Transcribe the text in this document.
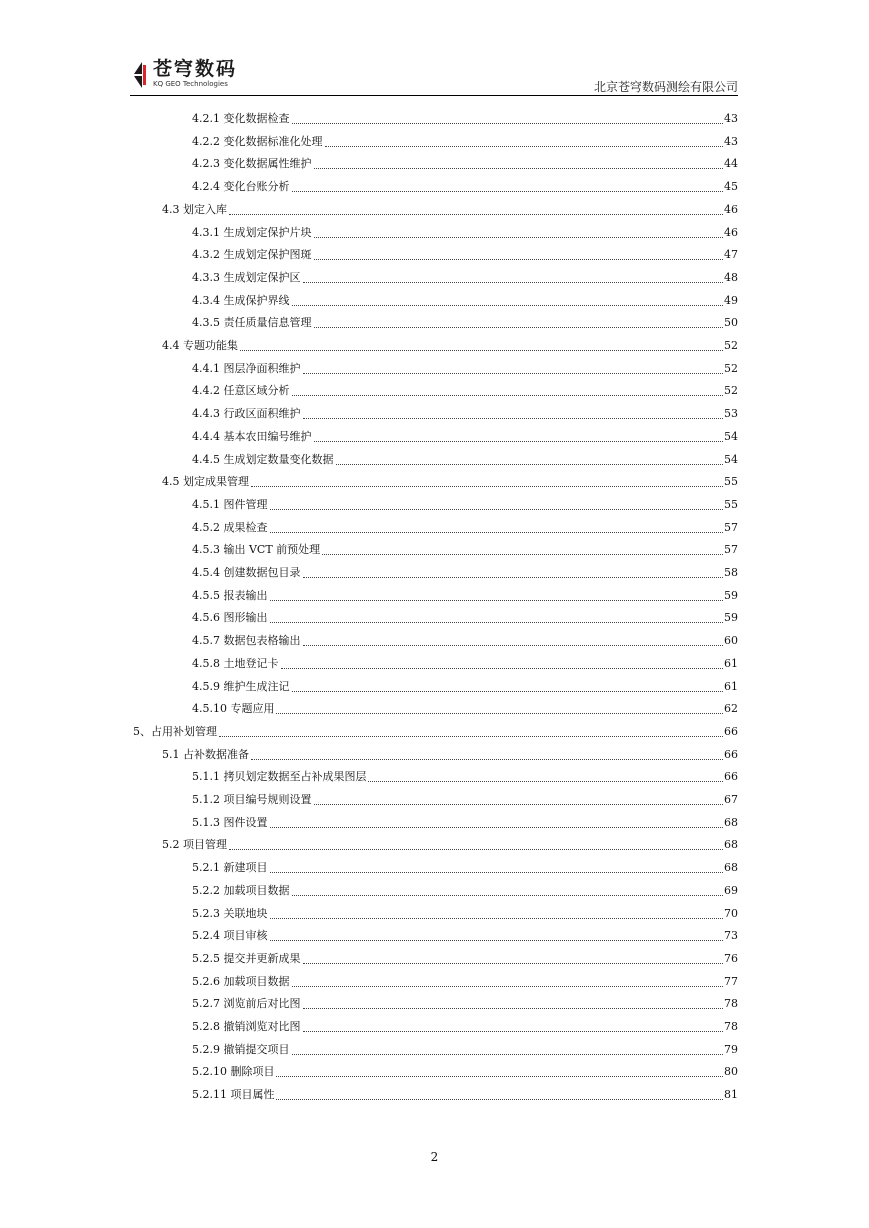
苍穹数码
KQ GEO Technologies	北京苍穹数码测绘有限公司
4.2.1 变化数据检查	43
4.2.2 变化数据标准化处理	43
4.2.3 变化数据属性维护	44
4.2.4 变化台账分析	45
4.3 划定入库	46
4.3.1 生成划定保护片块	46
4.3.2 生成划定保护图斑	47
4.3.3 生成划定保护区	48
4.3.4 生成保护界线	49
4.3.5 责任质量信息管理	50
4.4 专题功能集	52
4.4.1 图层净面积维护	52
4.4.2 任意区域分析	52
4.4.3 行政区面积维护	53
4.4.4 基本农田编号维护	54
4.4.5 生成划定数量变化数据	54
4.5 划定成果管理	55
4.5.1 图件管理	55
4.5.2 成果检查	57
4.5.3 输出 VCT 前预处理	57
4.5.4 创建数据包目录	58
4.5.5 报表输出	59
4.5.6 图形输出	59
4.5.7 数据包表格输出	60
4.5.8 土地登记卡	61
4.5.9 维护生成注记	61
4.5.10 专题应用	62
5、占用补划管理	66
5.1 占补数据准备	66
5.1.1 拷贝划定数据至占补成果图层	66
5.1.2 项目编号规则设置	67
5.1.3 图件设置	68
5.2 项目管理	68
5.2.1 新建项目	68
5.2.2 加载项目数据	69
5.2.3 关联地块	70
5.2.4 项目审核	73
5.2.5 提交并更新成果	76
5.2.6 加载项目数据	77
5.2.7 浏览前后对比图	78
5.2.8 撤销浏览对比图	78
5.2.9 撤销提交项目	79
5.2.10 删除项目	80
5.2.11 项目属性	81
2
